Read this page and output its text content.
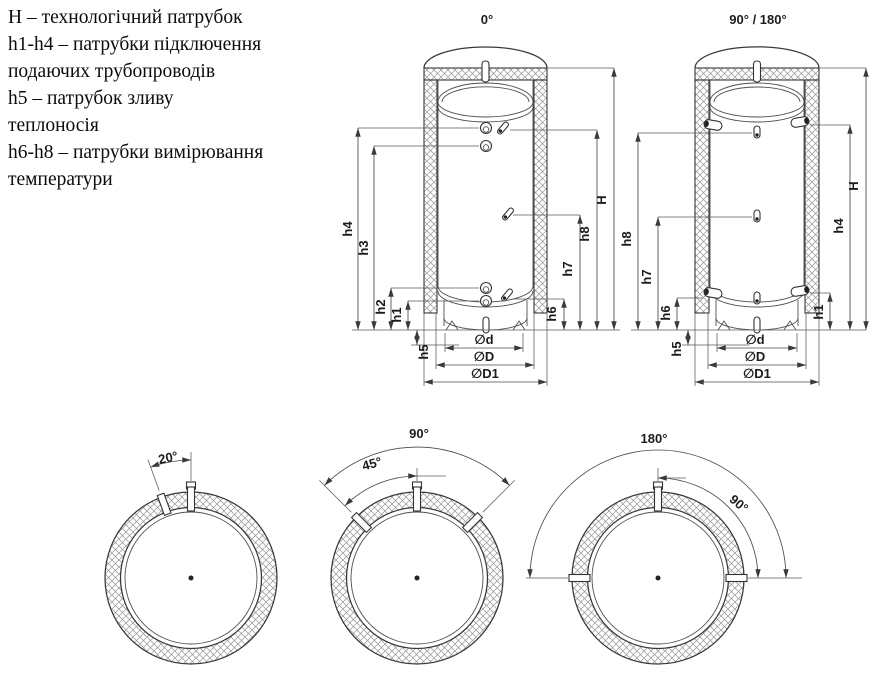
Н – технологічний патрубок
h1-h4 – патрубки підключення
подаючих трубопроводів
h5 – патрубок зливу
теплоносія
h6-h8 – патрубки вимірювання
температури
0°
h4
h3
h2
h1
h5
h6
h7
h8
H
∅d
∅D
∅D1
90° / 180°
h8
h7
h6
h5
h1
h4
H
∅d
∅D
∅D1
20°	45°
90°	180°
90°
